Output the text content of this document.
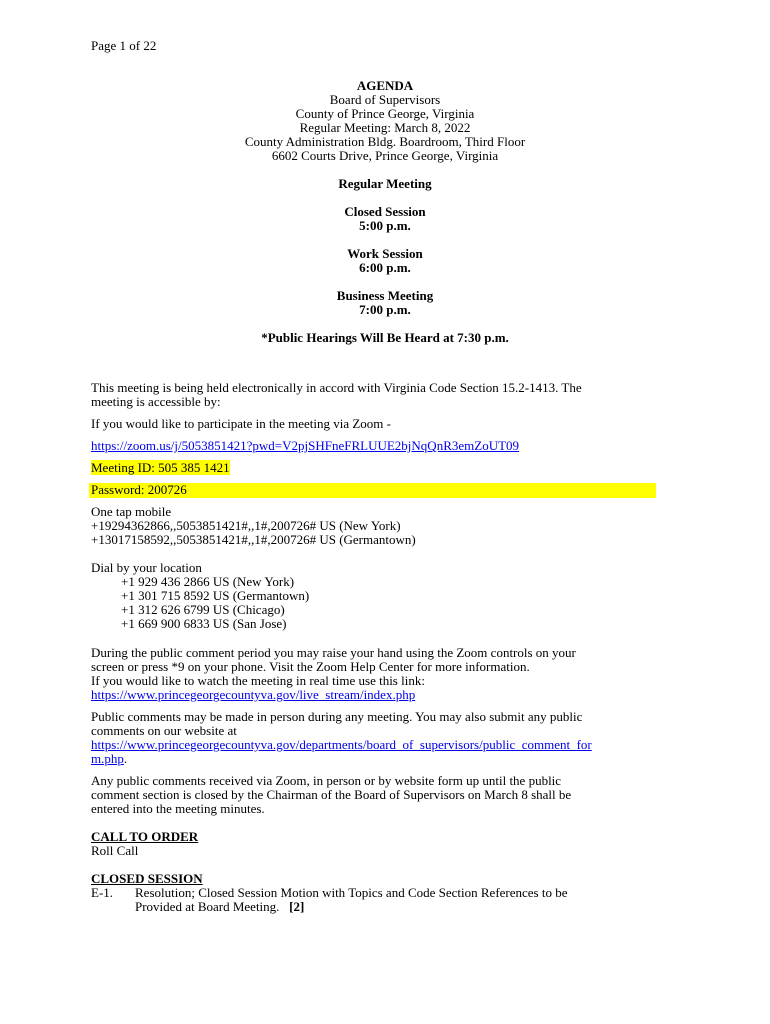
Page 1 of 22
AGENDA
Board of Supervisors
County of Prince George, Virginia
Regular Meeting: March 8, 2022
County Administration Bldg. Boardroom, Third Floor
6602 Courts Drive, Prince George, Virginia
Regular Meeting
Closed Session
5:00 p.m.
Work Session
6:00 p.m.
Business Meeting
7:00 p.m.
*Public Hearings Will Be Heard at 7:30 p.m.
This meeting is being held electronically in accord with Virginia Code Section 15.2-1413. The
meeting is accessible by:
If you would like to participate in the meeting via Zoom -
https://zoom.us/j/5053851421?pwd=V2pjSHFneFRLUUE2bjNqQnR3emZoUT09
Meeting ID: 505 385 1421
Password: 200726
One tap mobile
+19294362866,,5053851421#,,1#,200726# US (New York)
+13017158592,,5053851421#,,1#,200726# US (Germantown)
Dial by your location
+1 929 436 2866 US (New York)
+1 301 715 8592 US (Germantown)
+1 312 626 6799 US (Chicago)
+1 669 900 6833 US (San Jose)
During the public comment period you may raise your hand using the Zoom controls on your
screen or press *9 on your phone. Visit the Zoom Help Center for more information.
If you would like to watch the meeting in real time use this link:
https://www.princegeorgecountyva.gov/live_stream/index.php
Public comments may be made in person during any meeting. You may also submit any public
comments on our website at
https://www.princegeorgecountyva.gov/departments/board_of_supervisors/public_comment_for
m.php.
Any public comments received via Zoom, in person or by website form up until the public
comment section is closed by the Chairman of the Board of Supervisors on March 8 shall be
entered into the meeting minutes.
CALL TO ORDER
Roll Call
CLOSED SESSION
E-1. Resolution; Closed Session Motion with Topics and Code Section References to be
Provided at Board Meeting. [2]
